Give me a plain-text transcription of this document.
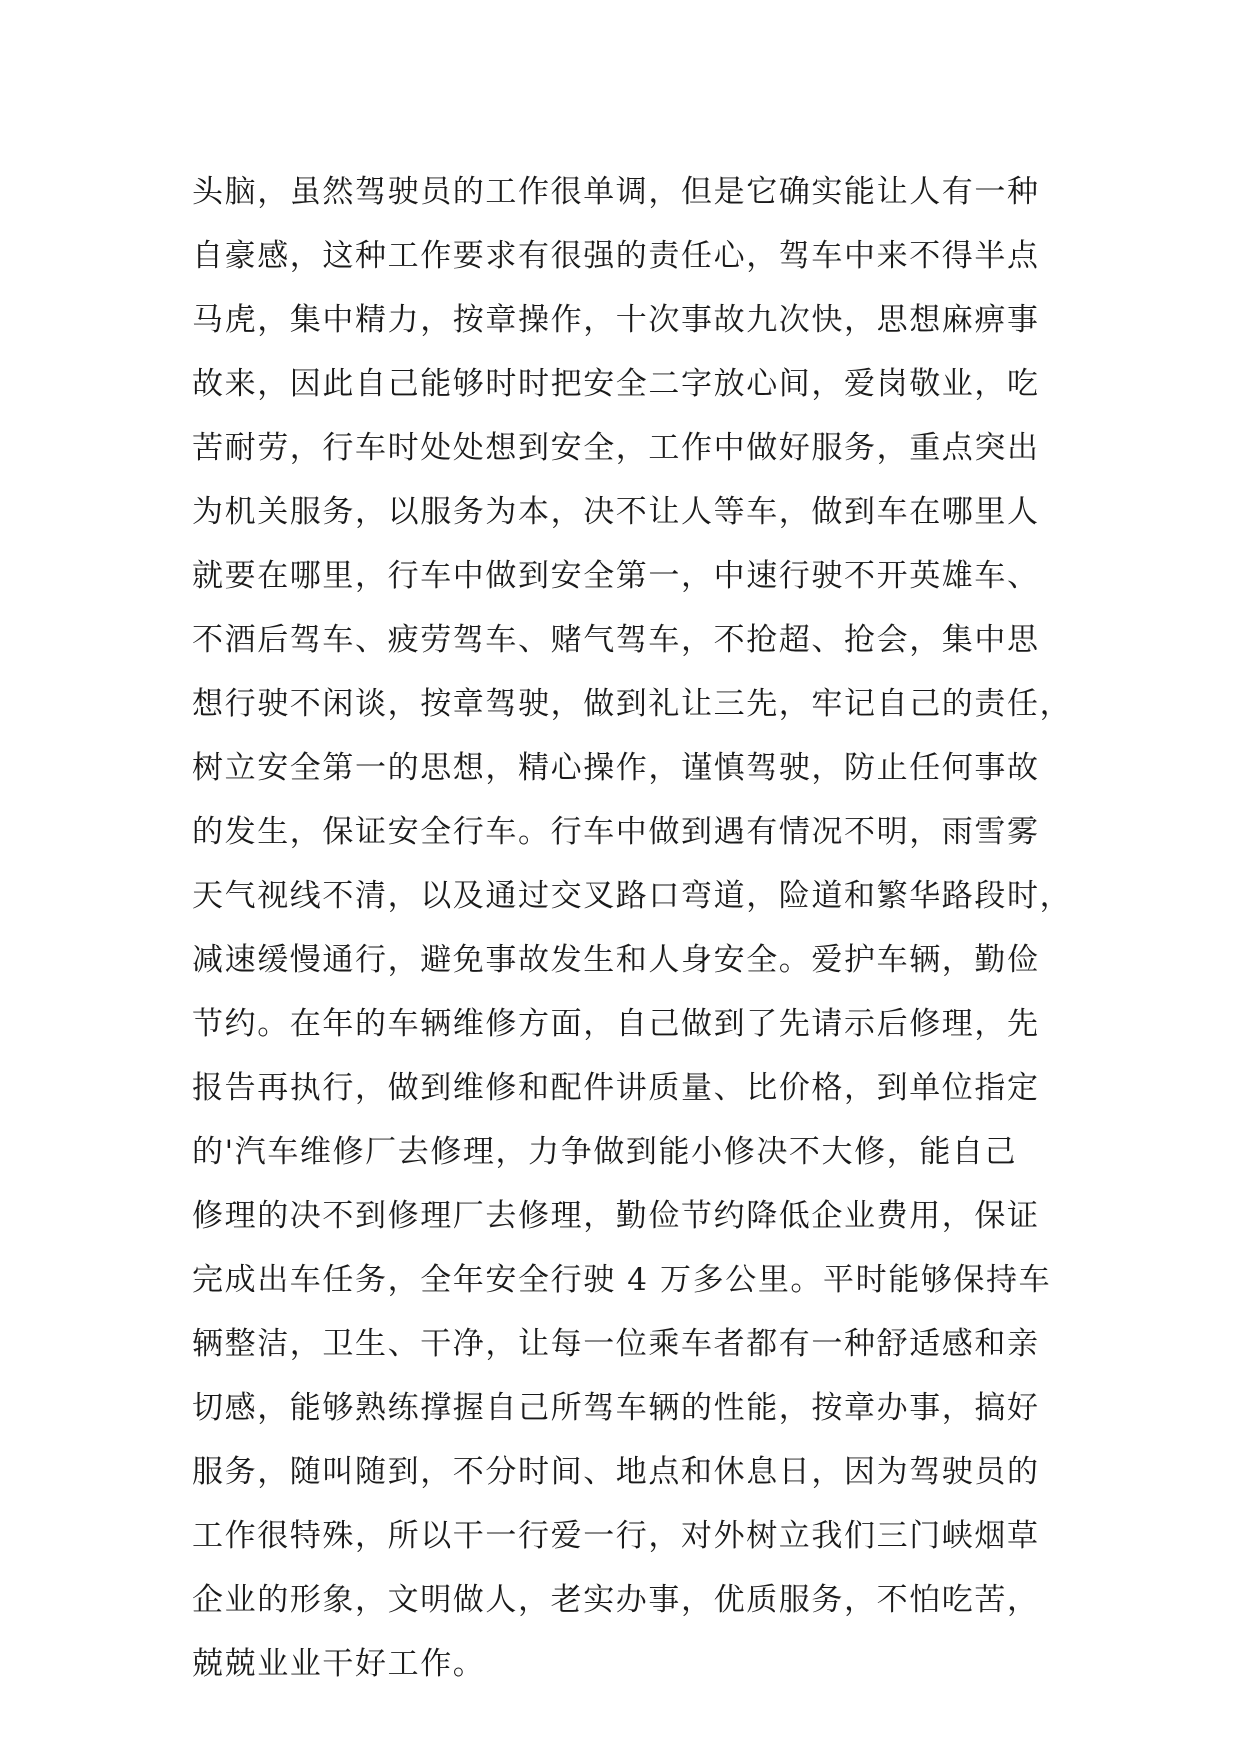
头脑，虽然驾驶员的工作很单调，但是它确实能让人有一种
自豪感，这种工作要求有很强的责任心，驾车中来不得半点
马虎，集中精力，按章操作，十次事故九次快，思想麻痹事
故来，因此自己能够时时把安全二字放心间，爱岗敬业，吃
苦耐劳，行车时处处想到安全，工作中做好服务，重点突出
为机关服务，以服务为本，决不让人等车，做到车在哪里人
就要在哪里，行车中做到安全第一，中速行驶不开英雄车、
不酒后驾车、疲劳驾车、赌气驾车，不抢超、抢会，集中思
想行驶不闲谈，按章驾驶，做到礼让三先，牢记自己的责任，
树立安全第一的思想，精心操作，谨慎驾驶，防止任何事故
的发生，保证安全行车。行车中做到遇有情况不明，雨雪雾
天气视线不清，以及通过交叉路口弯道，险道和繁华路段时，
减速缓慢通行，避免事故发生和人身安全。爱护车辆，勤俭
节约。在年的车辆维修方面，自己做到了先请示后修理，先
报告再执行，做到维修和配件讲质量、比价格，到单位指定
的'汽车维修厂去修理，力争做到能小修决不大修，能自己
修理的决不到修理厂去修理，勤俭节约降低企业费用，保证
完成出车任务，全年安全行驶 4 万多公里。平时能够保持车
辆整洁，卫生、干净，让每一位乘车者都有一种舒适感和亲
切感，能够熟练撑握自己所驾车辆的性能，按章办事，搞好
服务，随叫随到，不分时间、地点和休息日，因为驾驶员的
工作很特殊，所以干一行爱一行，对外树立我们三门峡烟草
企业的形象，文明做人，老实办事，优质服务，不怕吃苦，
兢兢业业干好工作。
